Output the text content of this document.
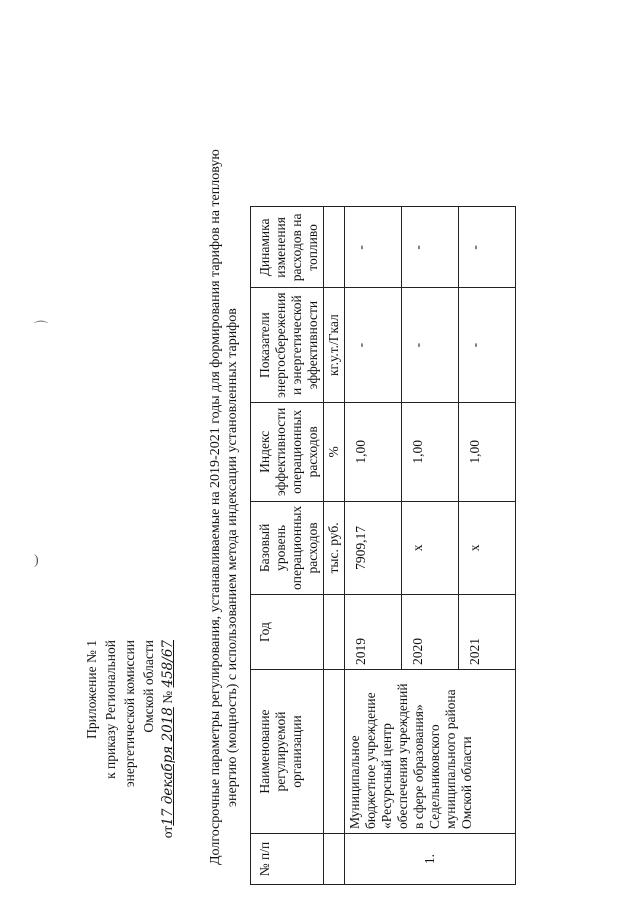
Приложение № 1 к приказу Региональной энергетической комиссии Омской области
от17 декабря 2018 № 458/67 Долгосрочные параметры регулирования, устанавливаемые на 2019-2021 годы для формирования тарифов на тепловую энергию (мощность) с использованием метода индексации установленных тарифов
№ п/п	Наименование регулируемой организации	Год	Базовый уровень операционных расходов	Индекс эффективности операционных расходов	Показатели энергосбережения и энергетической эффективности	Динамика изменения расходов на топливо
			тыс. руб.	%	кг.у.т./Гкал	
1.	Муниципальное бюджетное учреждение «Ресурсный центр обеспечения учреждений в сфере образования» Седельниковского муниципального района Омской области	2019	7909,17	1,00	-	-
		2020	х	1,00	-	-
		2021	х	1,00	-	-
⌒
)
